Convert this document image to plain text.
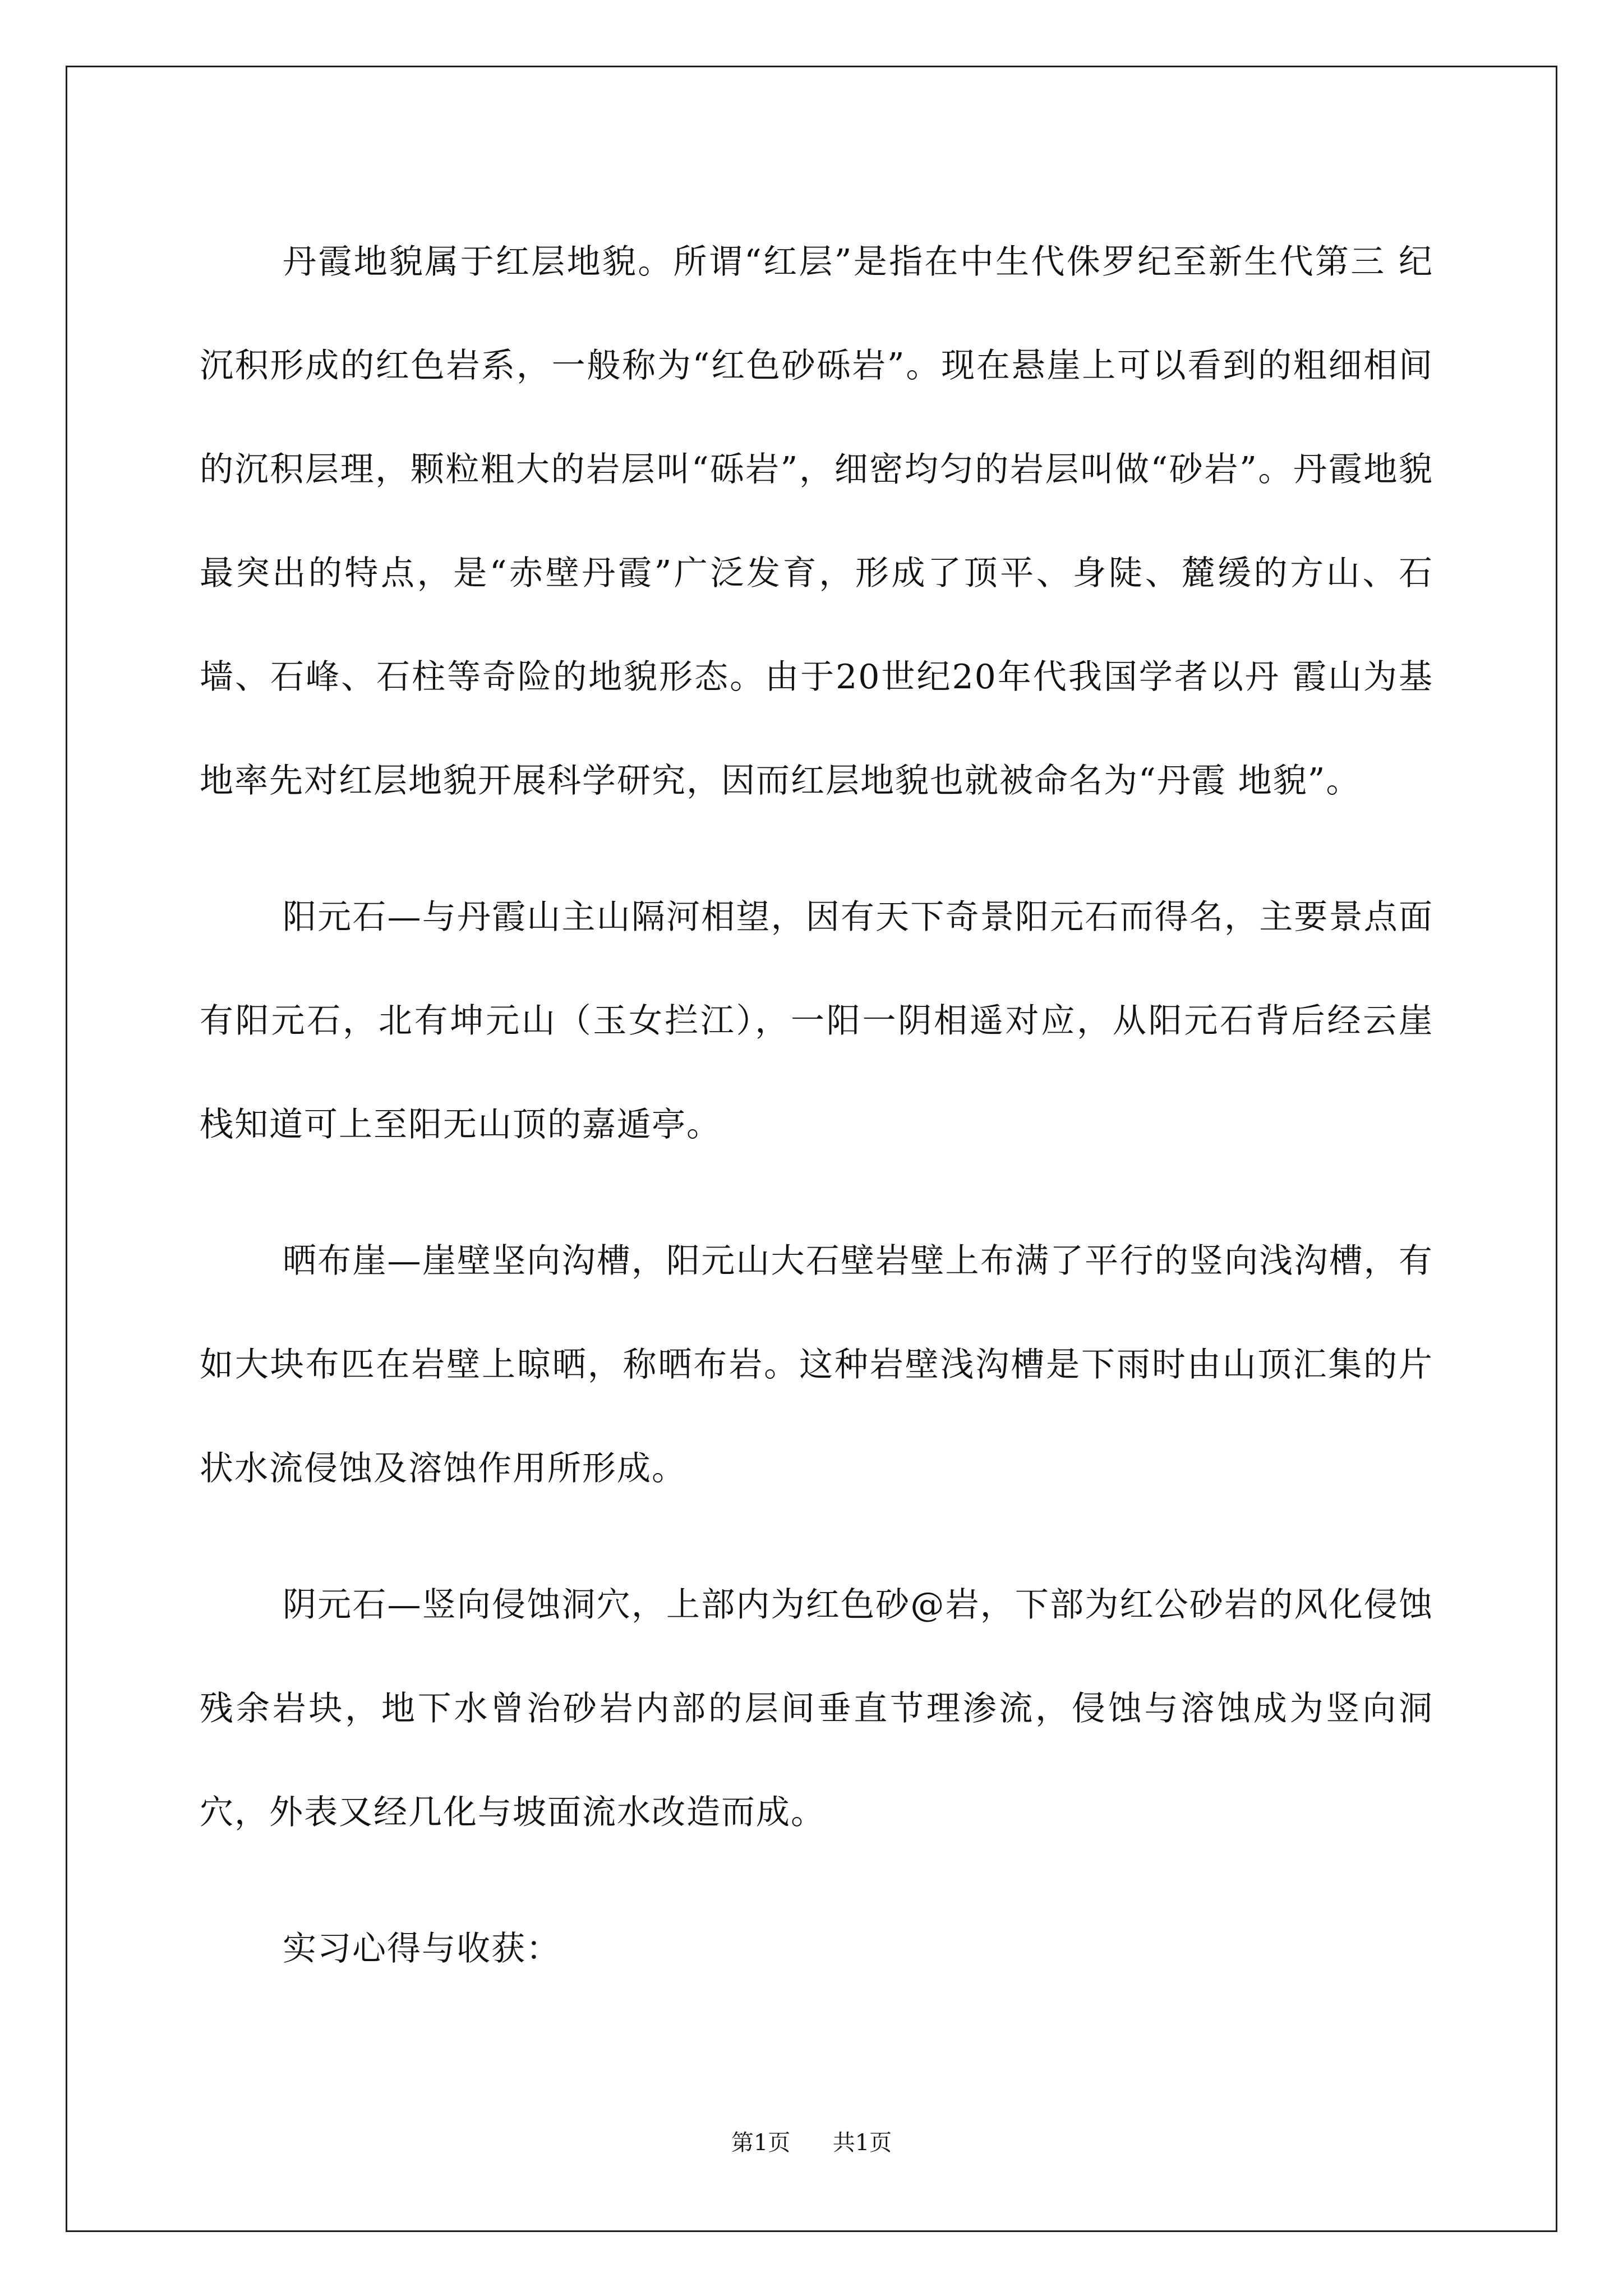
丹霞地貌属于红层地貌。所谓“红层”是指在中生代侏罗纪至新生代第三 纪沉积形成的红色岩系，一般称为“红色砂砾岩”。现在悬崖上可以看到的粗细相间的沉积层理，颗粒粗大的岩层叫“砾岩”，细密均匀的岩层叫做“砂岩”。丹霞地貌最突出的特点，是“赤壁丹霞”广泛发育，形成了顶平、身陡、麓缓的方山、石墙、石峰、石柱等奇险的地貌形态。由于20世纪20年代我国学者以丹 霞山为基地率先对红层地貌开展科学研究，因而红层地貌也就被命名为“丹霞 地貌”。

阳元石—与丹霞山主山隔河相望，因有天下奇景阳元石而得名，主要景点面有阳元石，北有坤元山（玉女拦江），一阳一阴相遥对应，从阳元石背后经云崖栈知道可上至阳无山顶的嘉遁亭。

晒布崖—崖壁坚向沟槽，阳元山大石壁岩壁上布满了平行的竖向浅沟槽，有如大块布匹在岩壁上晾晒，称晒布岩。这种岩壁浅沟槽是下雨时由山顶汇集的片状水流侵蚀及溶蚀作用所形成。

阴元石—竖向侵蚀洞穴，上部内为红色砂@岩，下部为红公砂岩的风化侵蚀残余岩块，地下水曾治砂岩内部的层间垂直节理渗流，侵蚀与溶蚀成为竖向洞穴，外表又经几化与坡面流水改造而成。

实习心得与收获：

第1页 共1页
